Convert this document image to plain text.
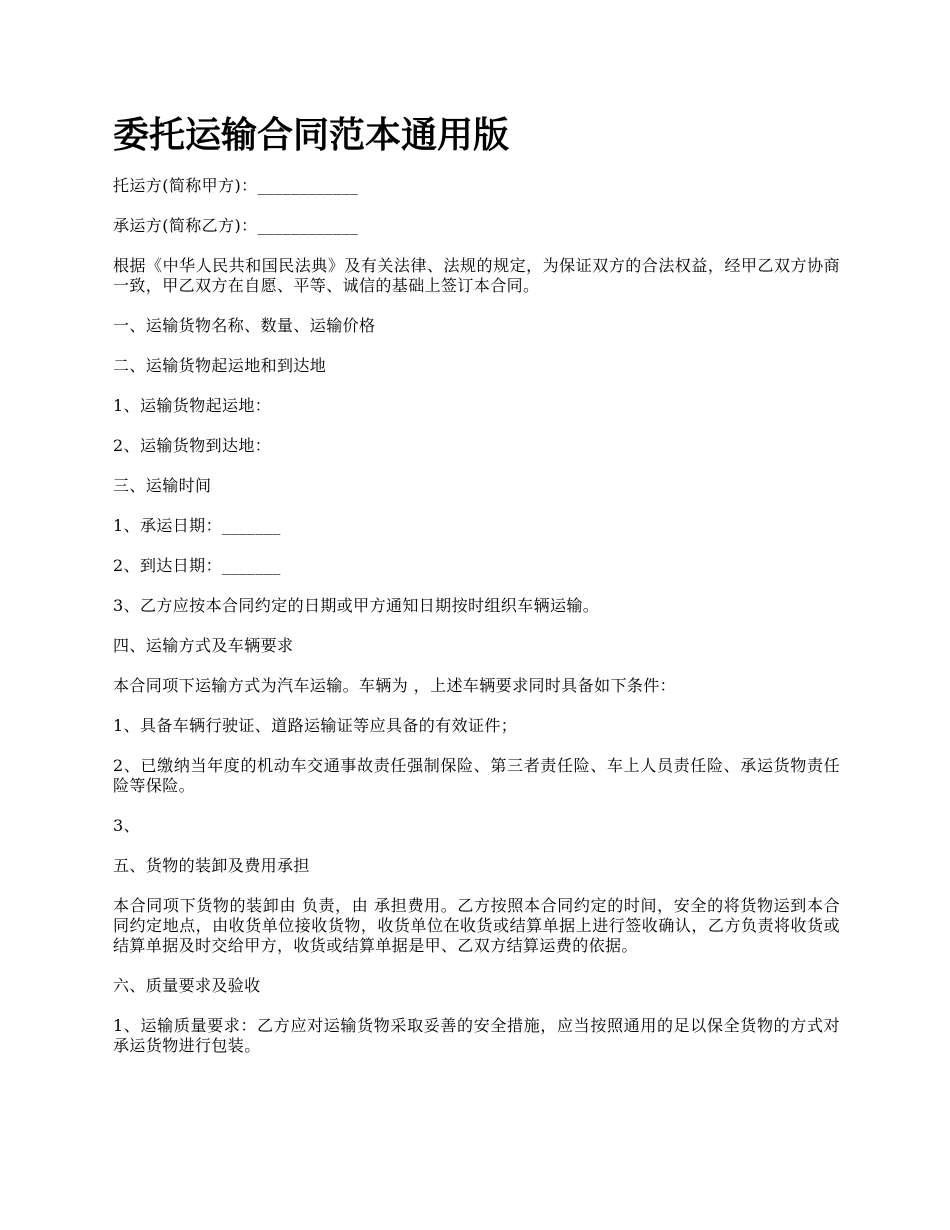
委托运输合同范本通用版

托运方(简称甲方)：____________

承运方(简称乙方)：____________

根据《中华人民共和国民法典》及有关法律、法规的规定，为保证双方的合法权益，经甲乙双方协商一致，甲乙双方在自愿、平等、诚信的基础上签订本合同。

一、运输货物名称、数量、运输价格

二、运输货物起运地和到达地

1、运输货物起运地：

2、运输货物到达地：

三、运输时间

1、承运日期：_______

2、到达日期：_______

3、乙方应按本合同约定的日期或甲方通知日期按时组织车辆运输。

四、运输方式及车辆要求

本合同项下运输方式为汽车运输。车辆为 ，上述车辆要求同时具备如下条件：

1、具备车辆行驶证、道路运输证等应具备的有效证件；

2、已缴纳当年度的机动车交通事故责任强制保险、第三者责任险、车上人员责任险、承运货物责任险等保险。

3、

五、货物的装卸及费用承担

本合同项下货物的装卸由 负责，由 承担费用。乙方按照本合同约定的时间，安全的将货物运到本合同约定地点，由收货单位接收货物，收货单位在收货或结算单据上进行签收确认，乙方负责将收货或结算单据及时交给甲方，收货或结算单据是甲、乙双方结算运费的依据。

六、质量要求及验收

1、运输质量要求：乙方应对运输货物采取妥善的安全措施，应当按照通用的足以保全货物的方式对承运货物进行包装。
